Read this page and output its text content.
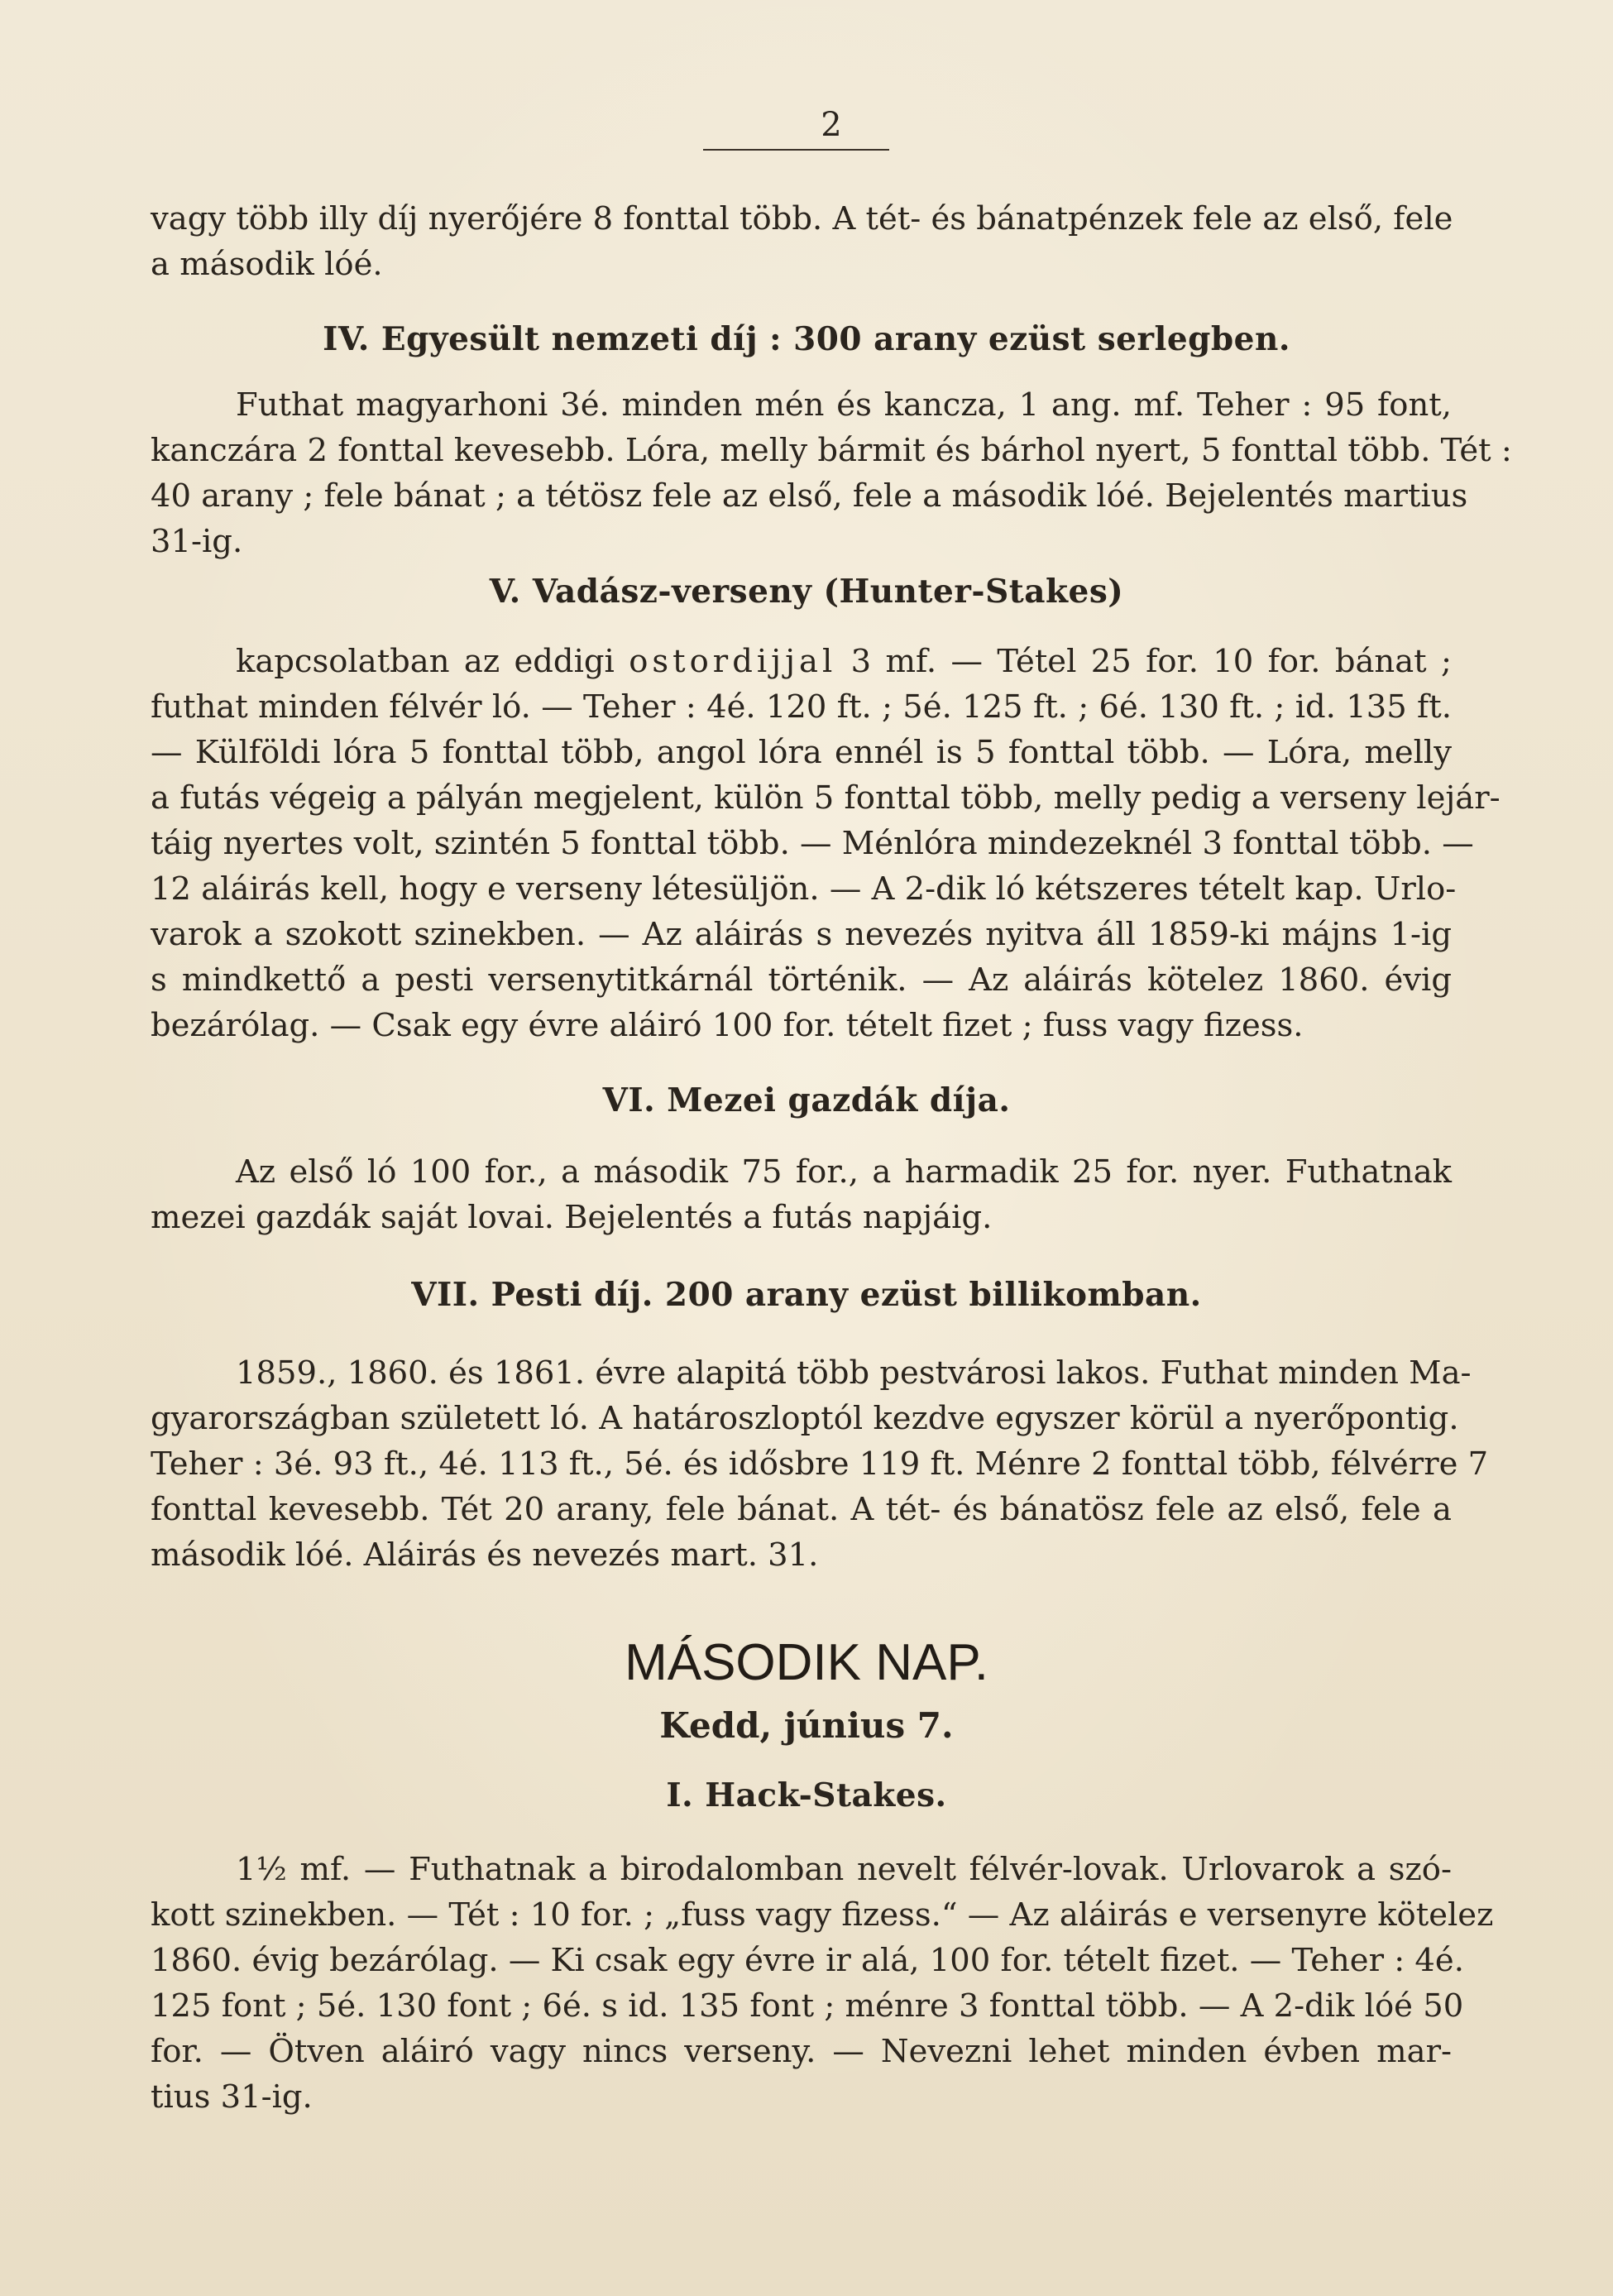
2
vagy több illy díj nyerőjére 8 fonttal több. A tét- és bánatpénzek fele az első, fele
a második lóé.
IV. Egyesült nemzeti díj : 300 arany ezüst serlegben.
Futhat magyarhoni 3é. minden mén és kancza, 1 ang. mf. Teher : 95 font,
kanczára 2 fonttal kevesebb. Lóra, melly bármit és bárhol nyert, 5 fonttal több. Tét :
40 arany ; fele bánat ; a tétösz fele az első, fele a második lóé. Bejelentés martius
31-ig.
V. Vadász-verseny (Hunter-Stakes)
kapcsolatban az eddigi ostordijjal 3 mf. — Tétel 25 for. 10 for. bánat ;
futhat minden félvér ló. — Teher : 4é. 120 ft. ; 5é. 125 ft. ; 6é. 130 ft. ; id. 135 ft.
— Külföldi lóra 5 fonttal több, angol lóra ennél is 5 fonttal több. — Lóra, melly
a futás végeig a pályán megjelent, külön 5 fonttal több, melly pedig a verseny lejár-
táig nyertes volt, szintén 5 fonttal több. — Ménlóra mindezeknél 3 fonttal több. —
12 aláirás kell, hogy e verseny létesüljön. — A 2-dik ló kétszeres tételt kap. Urlo-
varok a szokott szinekben. — Az aláirás s nevezés nyitva áll 1859-ki májns 1-ig
s mindkettő a pesti versenytitkárnál történik. — Az aláirás kötelez 1860. évig
bezárólag. — Csak egy évre aláiró 100 for. tételt fizet ; fuss vagy fizess.
VI. Mezei gazdák díja.
Az első ló 100 for., a második 75 for., a harmadik 25 for. nyer. Futhatnak
mezei gazdák saját lovai. Bejelentés a futás napjáig.
VII. Pesti díj. 200 arany ezüst billikomban.
1859., 1860. és 1861. évre alapitá több pestvárosi lakos. Futhat minden Ma-
gyarországban született ló. A határoszloptól kezdve egyszer körül a nyerőpontig.
Teher : 3é. 93 ft., 4é. 113 ft., 5é. és idősbre 119 ft. Ménre 2 fonttal több, félvérre 7
fonttal kevesebb. Tét 20 arany, fele bánat. A tét- és bánatösz fele az első, fele a
második lóé. Aláirás és nevezés mart. 31.
MÁSODIK NAP.
Kedd, június 7.
I. Hack-Stakes.
1½ mf. — Futhatnak a birodalomban nevelt félvér-lovak. Urlovarok a szó-
kott szinekben. — Tét : 10 for. ; „fuss vagy fizess.“ — Az aláirás e versenyre kötelez
1860. évig bezárólag. — Ki csak egy évre ir alá, 100 for. tételt fizet. — Teher : 4é.
125 font ; 5é. 130 font ; 6é. s id. 135 font ; ménre 3 fonttal több. — A 2-dik lóé 50
for. — Ötven aláiró vagy nincs verseny. — Nevezni lehet minden évben mar-
tius 31-ig.
